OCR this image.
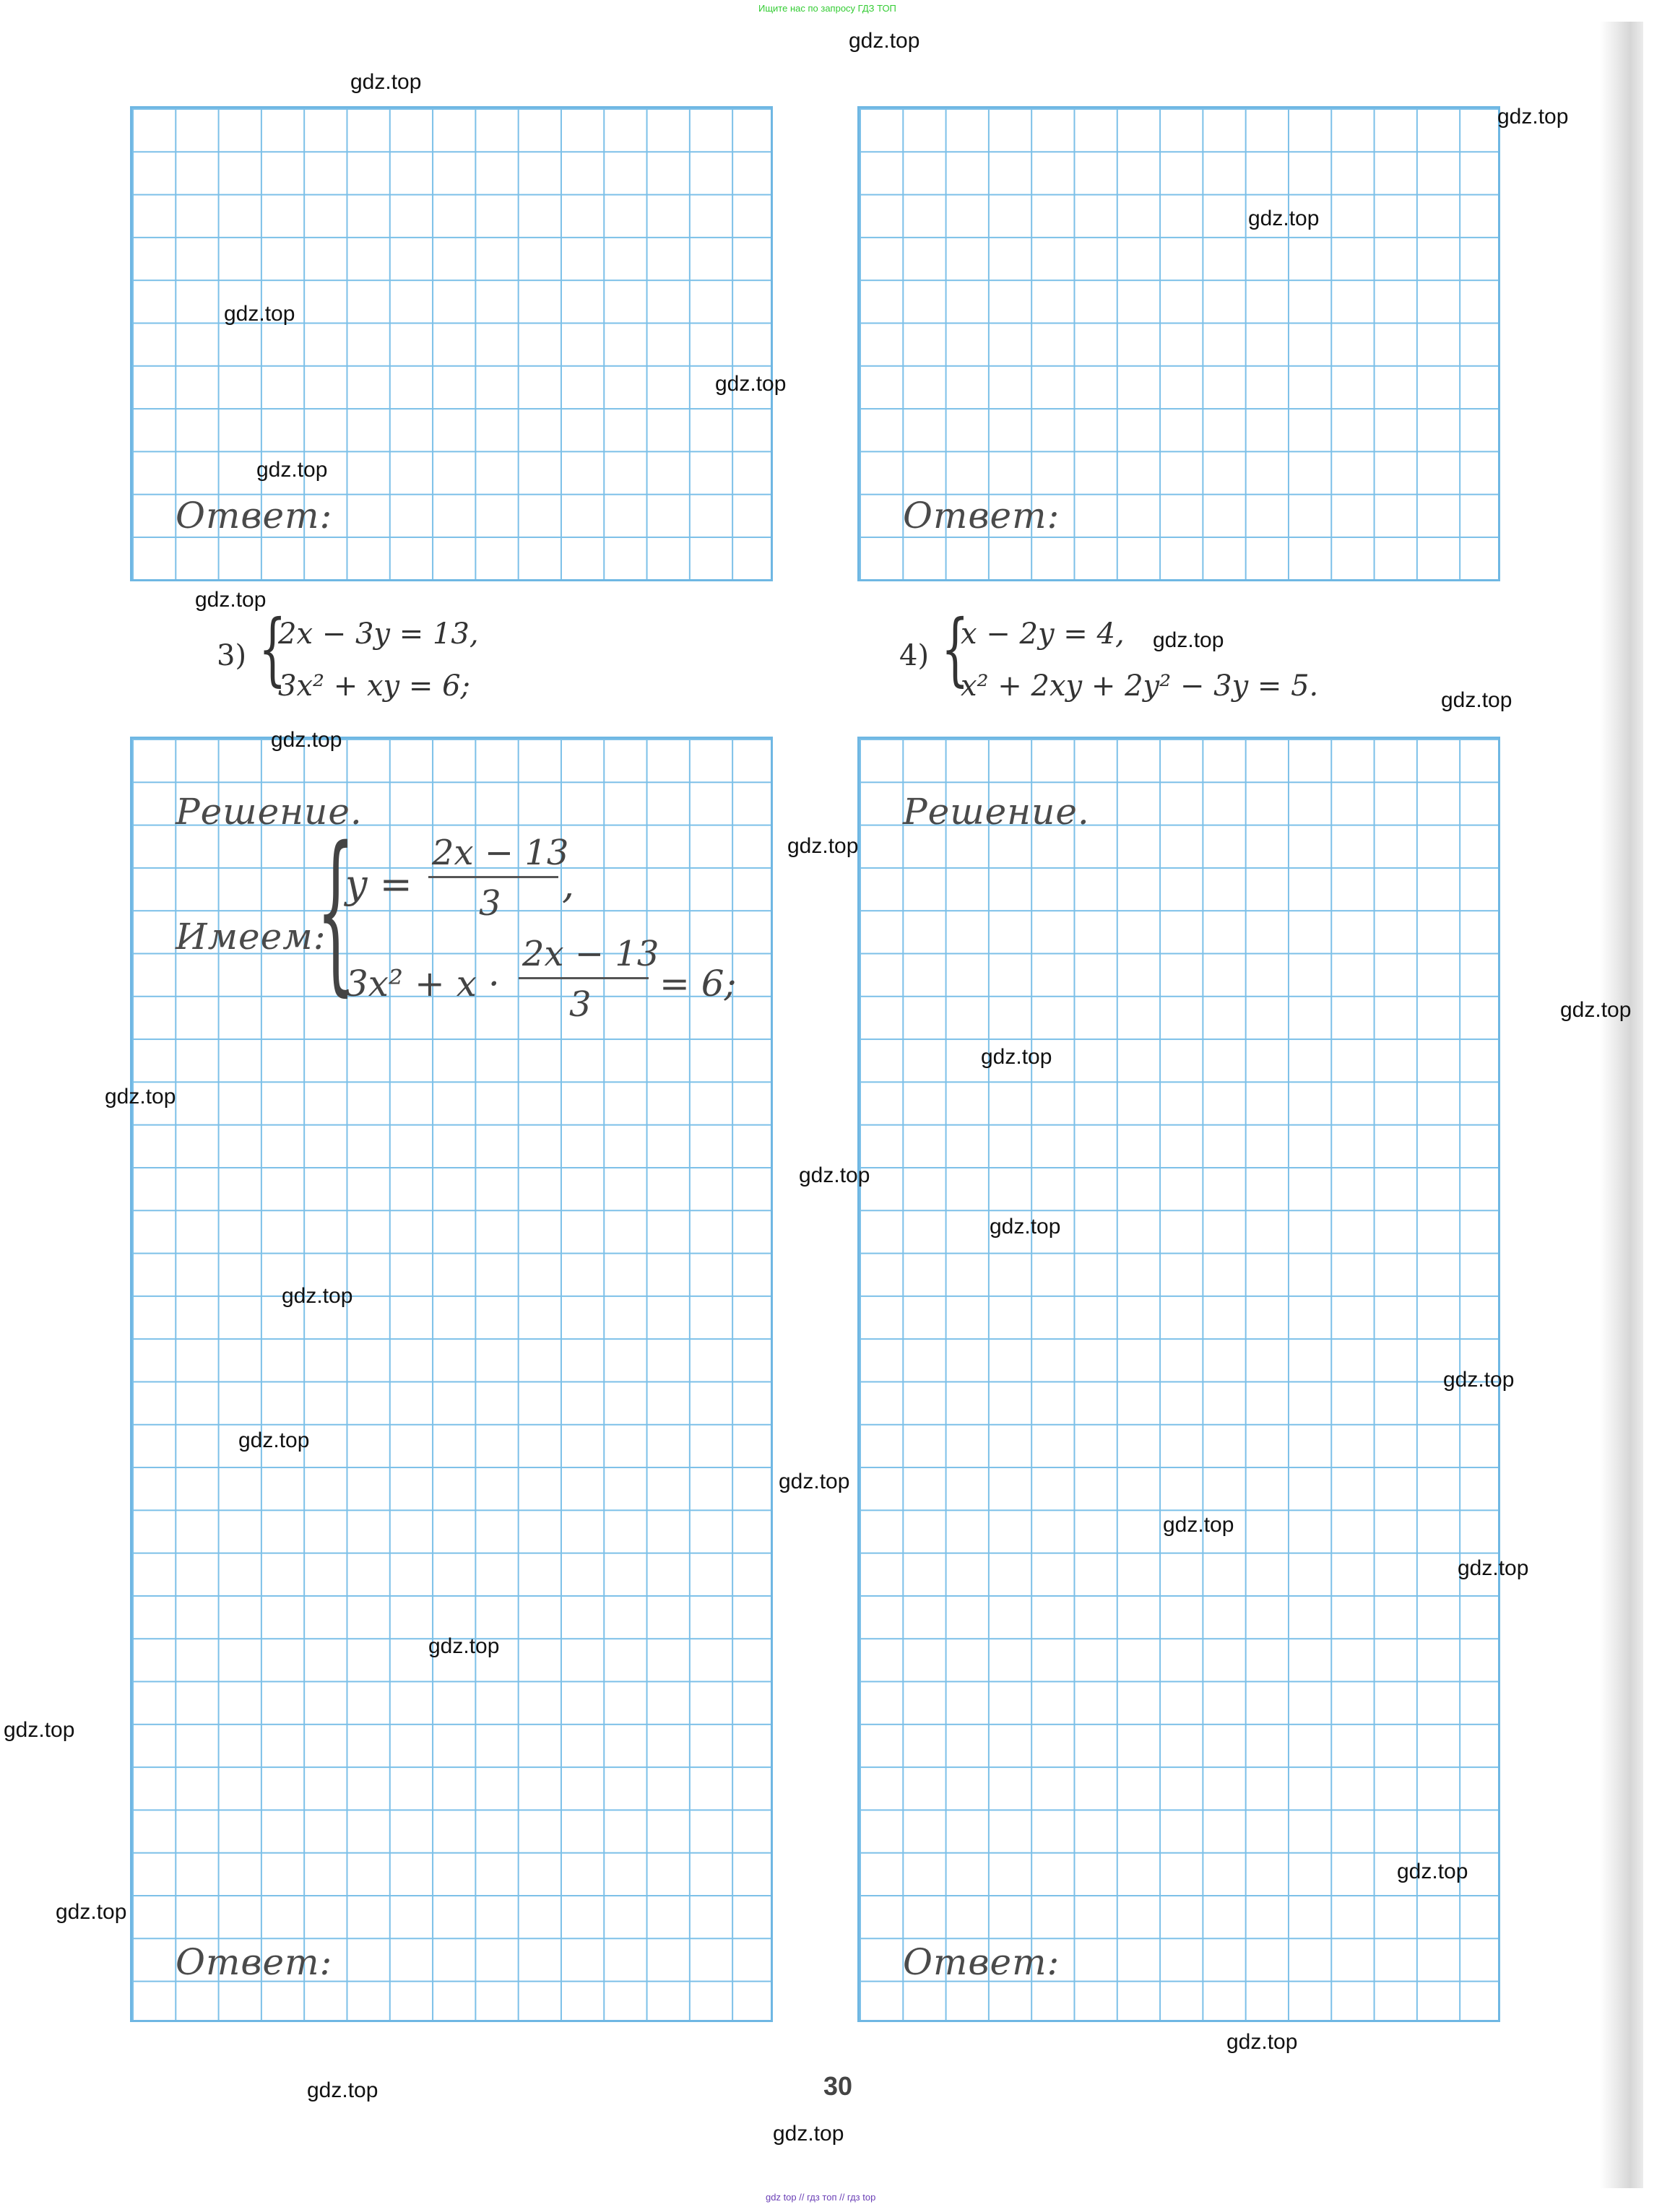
Ищите нас по запросу ГДЗ ТОП
Ответ:	Ответ:
3) {
2x − 3y = 13,
3x² + xy = 6;
4) {
x − 2y = 4,
x² + 2xy + 2y² − 3y = 5.
Решение.
Имеем:
{
y =
2x − 13
3 ,
3x² + x ·
2x − 13
3 = 6;
Ответ:
Решение.
Ответ:
30
gdz top // гдз топ // гдз top
gdz.top
gdz.top
gdz.top
gdz.top
gdz.top
gdz.top
gdz.top
gdz.top
gdz.top
gdz.top
gdz.top
gdz.top
gdz.top
gdz.top
gdz.top
gdz.top
gdz.top
gdz.top
gdz.top
gdz.top
gdz.top
gdz.top
gdz.top
gdz.top
gdz.top
gdz.top
gdz.top
gdz.top
gdz.top
gdz.top
